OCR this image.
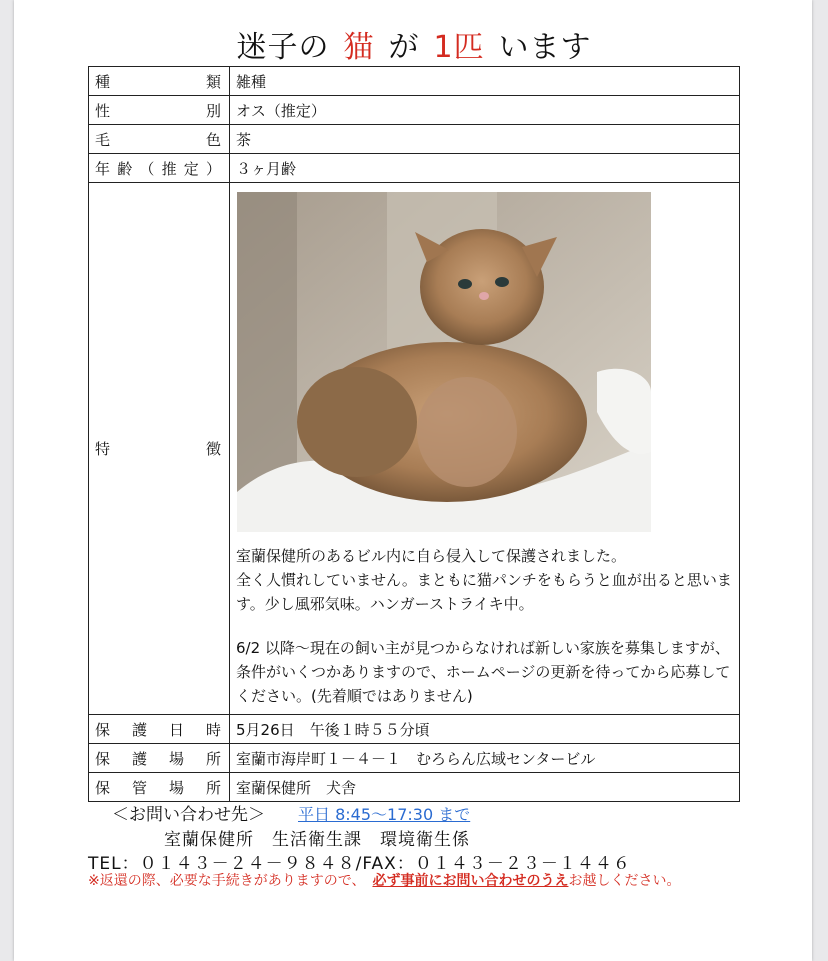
迷子の 猫 が 1匹 います
種類	雑種
性別	オス（推定）
毛色	茶
年齢（推定）	３ヶ月齢
特徴	室蘭保健所のあるビル内に自ら侵入して保護されました。

全く人慣れしていません。まともに猫パンチをもらうと血が出ると思います。少し風邪気味。ハンガーストライキ中。

6/2 以降～現在の飼い主が見つからなければ新しい家族を募集しますが、条件がいくつかありますので、ホームページの更新を待ってから応募してください。(先着順ではありません)

保護日時	5月26日　午後１時５５分頃
保護場所	室蘭市海岸町１－４－１　むろらん広域センタービル
保管場所	室蘭保健所　犬舎
＜お問い合わせ先＞ 平日 8:45～17:30 まで
室蘭保健所　生活衛生課　環境衛生係
TEL：０１４３－２４－９８４８/FAX：０１４３－２３－１４４６
※返還の際、必要な手続きがありますので、　 必ず事前にお問い合わせのうえお越しください。
